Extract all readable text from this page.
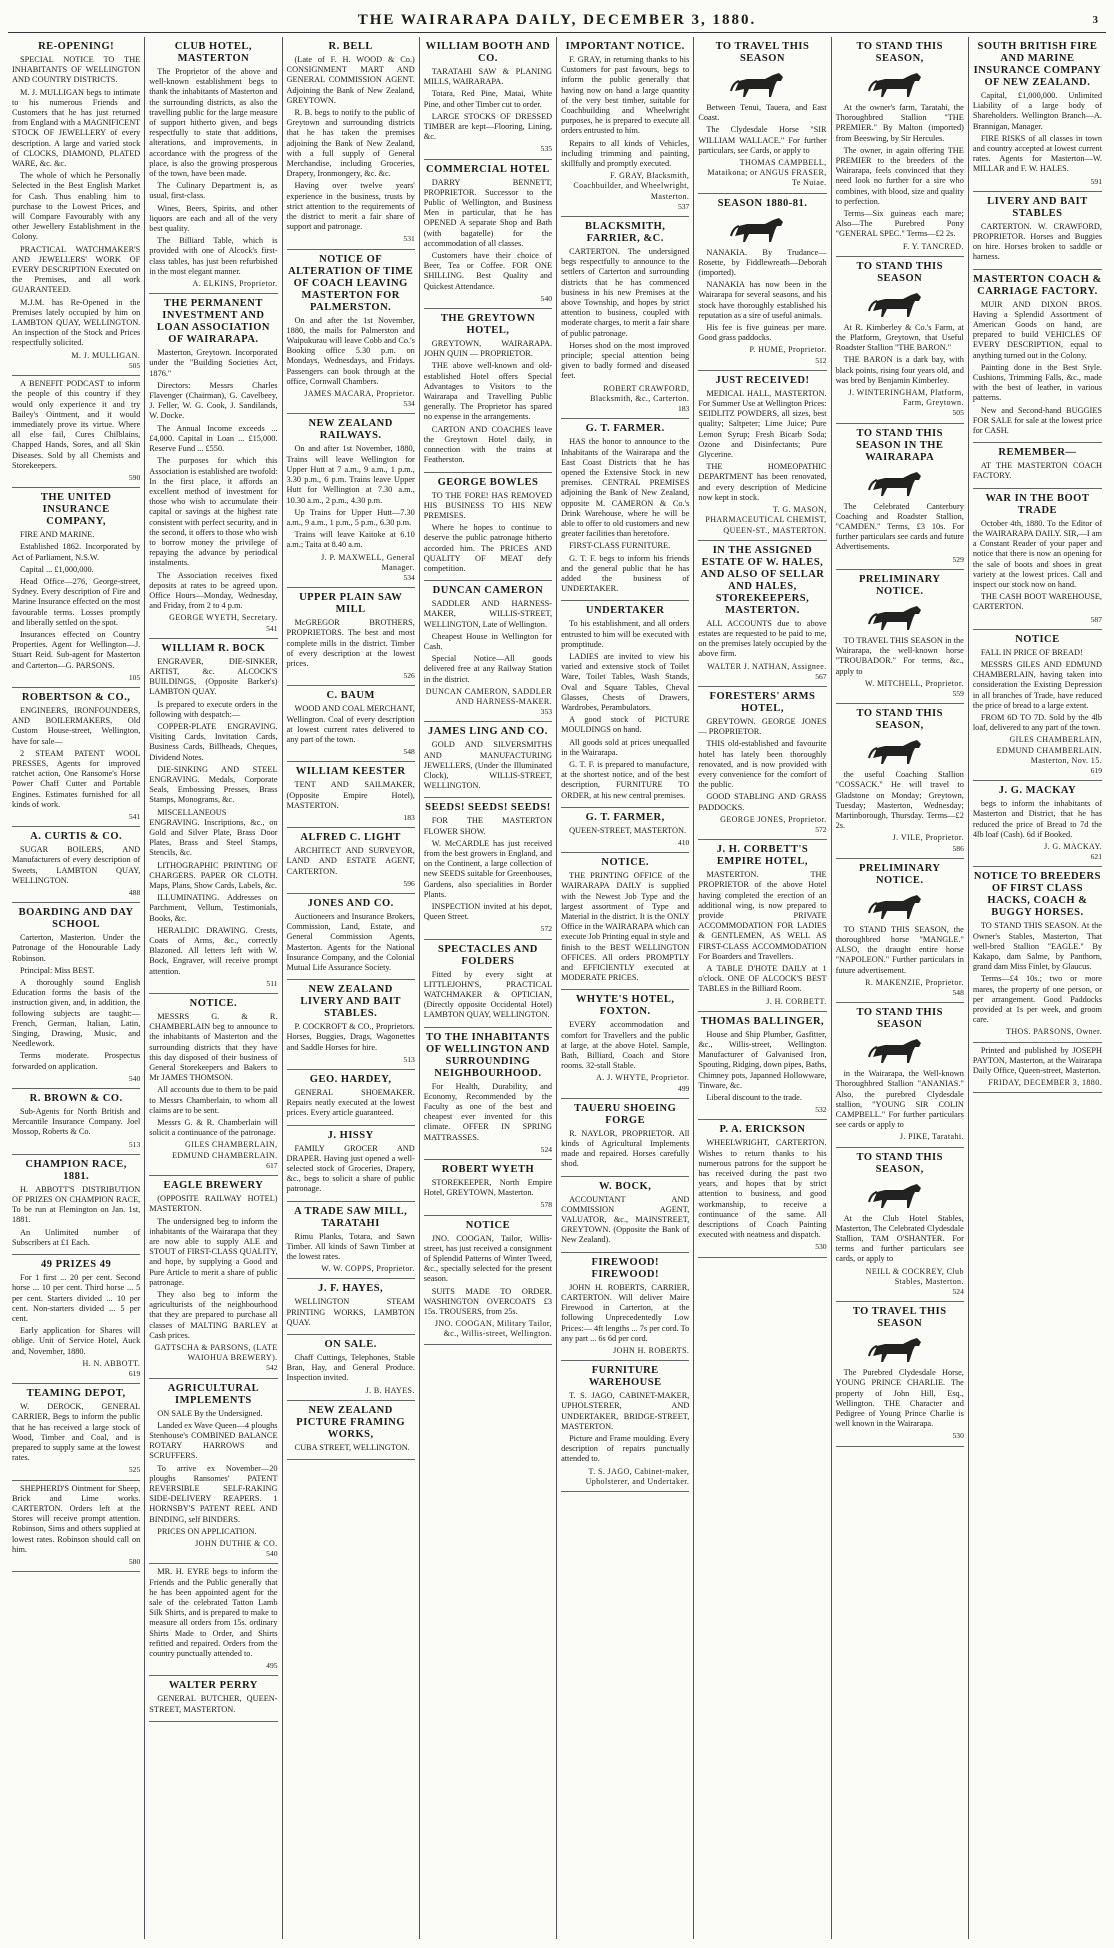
THE WAIRARAPA DAILY, DECEMBER 3, 1880.	3
RE-OPENING!

SPECIAL NOTICE TO THE INHABITANTS OF WELLINGTON AND COUNTRY DISTRICTS.

M. J. MULLIGAN begs to intimate to his numerous Friends and Customers that he has just returned from England with a MAGNIFICENT STOCK OF JEWELLERY of every description. A large and varied stock of CLOCKS, DIAMOND, PLATED WARE, &c. &c.

The whole of which he Personally Selected in the Best English Market for Cash. Thus enabling him to purchase to the Lowest Prices, and will Compare Favourably with any other Jewellery Establishment in the Colony.

PRACTICAL WATCHMAKER'S AND JEWELLERS' WORK OF EVERY DESCRIPTION Executed on the Premises, and all work GUARANTEED.

M.J.M. has Re-Opened in the Premises lately occupied by him on LAMBTON QUAY, WELLINGTON. An inspection of the Stock and Prices respectfully solicited.

M. J. MULLIGAN.
505

A BENEFIT PODCAST to inform the people of this country if they would only experience it and try Bailey's Ointment, and it would immediately prove its virtue. Where all else fail, Cures Chilblains, Chapped Hands, Sores, and all Skin Diseases. Sold by all Chemists and Storekeepers.

590
THE UNITED INSURANCE COMPANY,

FIRE AND MARINE.

Established 1862. Incorporated by Act of Parliament, N.S.W.

Capital ... £1,000,000.

Head Office—276, George-street, Sydney. Every description of Fire and Marine Insurance effected on the most favourable terms. Losses promptly and liberally settled on the spot.

Insurances effected on Country Properties. Agent for Wellington—J. Stuart Reid. Sub-agent for Masterton and Carterton—G. PARSONS.

105
ROBERTSON & CO.,

ENGINEERS, IRONFOUNDERS, AND BOILERMAKERS, Old Custom House-street, Wellington, have for sale—

2 STEAM PATENT WOOL PRESSES, Agents for improved ratchet action, One Ransome's Horse Power Chaff Cutter and Portable Engines. Estimates furnished for all kinds of work.

541
A. CURTIS & CO.

SUGAR BOILERS, AND Manufacturers of every description of Sweets, LAMBTON QUAY, WELLINGTON.

488
BOARDING AND DAY SCHOOL

Carterton, Masterton. Under the Patronage of the Honourable Lady Robinson.

Principal: Miss BEST.

A thoroughly sound English Education forms the basis of the instruction given, and, in addition, the following subjects are taught:—French, German, Italian, Latin, Singing, Drawing, Music, and Needlework.

Terms moderate. Prospectus forwarded on application.

540
R. BROWN & CO.

Sub-Agents for North British and Mercantile Insurance Company. Joel Mossop, Roberts & Co.

513
CHAMPION RACE, 1881.

H. ABBOTT'S DISTRIBUTION OF PRIZES ON CHAMPION RACE, To be run at Flemington on Jan. 1st, 1881.

An Unlimited number of Subscribers at £1 Each.

49 PRIZES 49

For 1 first ... 20 per cent. Second horse ... 10 per cent. Third horse ... 5 per cent. Starters divided ... 10 per cent. Non-starters divided ... 5 per cent.

Early application for Shares will oblige. Unit of Service Hotel, Auck and, November, 1880.

H. N. ABBOTT.
619
TEAMING DEPOT,

W. DEROCK, GENERAL CARRIER, Begs to inform the public that he has received a large stock of Wood, Timber and Coal, and is prepared to supply same at the lowest rates.

525

SHEPHERD'S Ointment for Sheep, Brick and Lime works. CARTERTON. Orders left at the Stores will receive prompt attention. Robinson, Sims and others supplied at lowest rates. Robinson should call on him.

580
CLUB HOTEL, MASTERTON

The Proprietor of the above and well-known establishment begs to thank the inhabitants of Masterton and the surrounding districts, as also the travelling public for the large measure of support hitherto given, and begs respectfully to state that additions, alterations, and improvements, in accordance with the progress of the place, is also the growing prosperous of the town, have been made.

The Culinary Department is, as usual, first-class.

Wines, Beers, Spirits, and other liquors are each and all of the very best quality.

The Billiard Table, which is provided with one of Alcock's first-class tables, has just been refurbished in the most elegant manner.

A. ELKINS, Proprietor.
THE PERMANENT INVESTMENT AND LOAN ASSOCIATION OF WAIRARAPA.

Masterton, Greytown. Incorporated under the "Building Societies Act, 1876."

Directors: Messrs Charles Flavenger (Chairman), G. Cavelbeey, J. Feller, W. G. Cook, J. Sandilands, W. Docke.

The Annual Income exceeds ... £4,000. Capital in Loan ... £15,000. Reserve Fund ... £550.

The purposes for which this Association is established are twofold: In the first place, it affords an excellent method of investment for those who wish to accumulate their capital or savings at the highest rate consistent with perfect security, and in the second, it offers to those who wish to borrow money the privilege of repaying the advance by periodical instalments.

The Association receives fixed deposits at rates to be agreed upon. Office Hours—Monday, Wednesday, and Friday, from 2 to 4 p.m.

GEORGE WYETH, Secretary.
541
WILLIAM R. BOCK

ENGRAVER, DIE-SINKER, ARTIST, &c. ALCOCK'S BUILDINGS, (Opposite Barker's) LAMBTON QUAY.

Is prepared to execute orders in the following with despatch:—

COPPER-PLATE ENGRAVING. Visiting Cards, Invitation Cards, Business Cards, Billheads, Cheques, Dividend Notes.

DIE-SINKING AND STEEL ENGRAVING. Medals, Corporate Seals, Embossing Presses, Brass Stamps, Monograms, &c.

MISCELLANEOUS ENGRAVING. Inscriptions, &c., on Gold and Silver Plate, Brass Door Plates, Brass and Steel Stamps, Stencils, &c.

LITHOGRAPHIC PRINTING OF CHARGERS. PAPER OR CLOTH. Maps, Plans, Show Cards, Labels, &c.

ILLUMINATING. Addresses on Parchment, Vellum, Testimonials, Books, &c.

HERALDIC DRAWING. Crests, Coats of Arms, &c., correctly Blazoned. All letters left with W. Bock, Engraver, will receive prompt attention.

511
NOTICE.

MESSRS G. & R. CHAMBERLAIN beg to announce to the inhabitants of Masterton and the surrounding districts that they have this day disposed of their business of General Storekeepers and Bakers to Mr JAMES THOMSON.

All accounts due to them to be paid to Messrs Chamberlain, to whom all claims are to be sent.

Messrs G. & R. Chamberlain will solicit a continuance of the patronage.

GILES CHAMBERLAIN, EDMUND CHAMBERLAIN.
617
EAGLE BREWERY

(OPPOSITE RAILWAY HOTEL) MASTERTON.

The undersigned beg to inform the inhabitants of the Wairarapa that they are now able to supply ALE and STOUT of FIRST-CLASS QUALITY, and hope, by supplying a Good and Pure Article to merit a share of public patronage.

They also beg to inform the agriculturists of the neighbourhood that they are prepared to purchase all classes of MALTING BARLEY at Cash prices.

GATTSCHA & PARSONS, (LATE WAIOHUA BREWERY).
542
AGRICULTURAL IMPLEMENTS

ON SALE By the Undersigned.

Landed ex Wave Queen—4 ploughs Stenhouse's COMBINED BALANCE ROTARY HARROWS and SCRUFFERS.

To arrive ex November—20 ploughs Ransomes' PATENT REVERSIBLE SELF-RAKING SIDE-DELIVERY REAPERS. 1 HORNSBY'S PATENT REEL AND BINDING, self BINDERS.

PRICES ON APPLICATION.

JOHN DUTHIE & CO.
540

MR. H. EYRE begs to inform the Friends and the Public generally that he has been appointed agent for the sale of the celebrated Tatton Lamb Silk Shirts, and is prepared to make to measure all orders from 15s. ordinary Shirts Made to Order, and Shirts refitted and repaired. Orders from the country punctually attended to.

495
WALTER PERRY

GENERAL BUTCHER, QUEEN-STREET, MASTERTON.

R. BELL

(Late of F. H. WOOD & Co.) CONSIGNMENT MART AND GENERAL COMMISSION AGENT. Adjoining the Bank of New Zealand, GREYTOWN.

R. B. begs to notify to the public of Greytown and surrounding districts that he has taken the premises adjoining the Bank of New Zealand, with a full supply of General Merchandise, including Groceries, Drapery, Ironmongery, &c. &c.

Having over twelve years' experience in the business, trusts by strict attention to the requirements of the district to merit a fair share of support and patronage.

531
NOTICE OF ALTERATION OF TIME OF COACH LEAVING MASTERTON FOR PALMERSTON.

On and after the 1st November, 1880, the mails for Palmerston and Waipukurau will leave Cobb and Co.'s Booking office 5.30 p.m. on Mondays, Wednesdays, and Fridays. Passengers can book through at the office, Cornwall Chambers.

JAMES MACARA, Proprietor.
534
NEW ZEALAND RAILWAYS.

On and after 1st November, 1880, Trains will leave Wellington for Upper Hutt at 7 a.m., 9 a.m., 1 p.m., 3.30 p.m., 6 p.m. Trains leave Upper Hutt for Wellington at 7.30 a.m., 10.30 a.m., 2 p.m., 4.30 p.m.

Up Trains for Upper Hutt—7.30 a.m., 9 a.m., 1 p.m., 5 p.m., 6.30 p.m.

Trains will leave Kaitoke at 6.10 a.m.; Taita at 8.40 a.m.

J. P. MAXWELL, General Manager.
534
UPPER PLAIN SAW MILL

McGREGOR BROTHERS, PROPRIETORS. The best and most complete mills in the district. Timber of every description at the lowest prices.

526
C. BAUM

WOOD AND COAL MERCHANT, Wellington. Coal of every description at lowest current rates delivered to any part of the town.

548
WILLIAM KEESTER

TENT AND SAILMAKER, (Opposite Empire Hotel), MASTERTON.

183
ALFRED C. LIGHT

ARCHITECT AND SURVEYOR, LAND AND ESTATE AGENT, CARTERTON.

596
JONES AND CO.

Auctioneers and Insurance Brokers, Commission, Land, Estate, and General Commission Agents, Masterton. Agents for the National Insurance Company, and the Colonial Mutual Life Assurance Society.

NEW ZEALAND LIVERY AND BAIT STABLES.

P. COCKROFT & CO., Proprietors. Horses, Buggies, Drags, Wagonettes and Saddle Horses for hire.

513
GEO. HARDEY,

GENERAL SHOEMAKER. Repairs neatly executed at the lowest prices. Every article guaranteed.

J. HISSY

FAMILY GROCER AND DRAPER. Having just opened a well-selected stock of Groceries, Drapery, &c., begs to solicit a share of public patronage.

A TRADE SAW MILL, TARATAHI

Rimu Planks, Totara, and Sawn Timber. All kinds of Sawn Timber at the lowest rates.

W. W. COPPS, Proprietor.
J. F. HAYES,

WELLINGTON STEAM PRINTING WORKS, LAMBTON QUAY.

ON SALE.

Chaff Cuttings, Telephones, Stable Bran, Hay, and General Produce. Inspection invited.

J. B. HAYES.
NEW ZEALAND PICTURE FRAMING WORKS,

CUBA STREET, WELLINGTON.

WILLIAM BOOTH AND CO.

TARATAHI SAW & PLANING MILLS, WAIRARAPA.

Totara, Red Pine, Matai, White Pine, and other Timber cut to order.

LARGE STOCKS OF DRESSED TIMBER are kept—Flooring, Lining, &c.

535
COMMERCIAL HOTEL

DARRY BENNETT, PROPRIETOR. Successor to the Public of Wellington, and Business Men in particular, that he has OPENED A separate Shop and Bath (with bagatelle) for the accommodation of all classes.

Customers have their choice of Beer, Tea or Coffee. FOR ONE SHILLING. Best Quality and Quickest Attendance.

540
THE GREYTOWN HOTEL,

GREYTOWN, WAIRARAPA. JOHN QUIN — PROPRIETOR.

THE above well-known and old-established Hotel offers Special Advantages to Visitors to the Wairarapa and Travelling Public generally. The Proprietor has spared no expense in the arrangements.

CARTON AND COACHES leave the Greytown Hotel daily, in connection with the trains at Featherston.

GEORGE BOWLES

TO THE FORE! HAS REMOVED HIS BUSINESS TO HIS NEW PREMISES.

Where he hopes to continue to deserve the public patronage hitherto accorded him. The PRICES AND QUALITY OF MEAT defy competition.

DUNCAN CAMERON

SADDLER AND HARNESS-MAKER, WILLIS-STREET, WELLINGTON, Late of Wellington.

Cheapest House in Wellington for Cash.

Special Notice—All goods delivered free at any Railway Station in the district.

DUNCAN CAMERON, SADDLER AND HARNESS-MAKER.
353
JAMES LING AND CO.

GOLD AND SILVERSMITHS AND MANUFACTURING JEWELLERS, (Under the Illuminated Clock), WILLIS-STREET, WELLINGTON.

SEEDS! SEEDS! SEEDS!

FOR THE MASTERTON FLOWER SHOW.

W. McCARDLE has just received from the best growers in England, and on the Continent, a large collection of new SEEDS suitable for Greenhouses, Gardens, also specialities in Border Plants.

INSPECTION invited at his depot, Queen Street.

572
SPECTACLES AND FOLDERS

Fitted by every sight at LITTLEJOHN'S, PRACTICAL WATCHMAKER & OPTICIAN, (Directly opposite Occidental Hotel) LAMBTON QUAY, WELLINGTON.

TO THE INHABITANTS OF WELLINGTON AND SURROUNDING NEIGHBOURHOOD.

For Health, Durability, and Economy, Recommended by the Faculty as one of the best and cheapest ever invented for this climate. OFFER IN SPRING MATTRASSES.

524
ROBERT WYETH

STOREKEEPER, North Empire Hotel, GREYTOWN, Masterton.

578
NOTICE

JNO. COOGAN, Tailor, Willis-street, has just received a consignment of Splendid Patterns of Winter Tweed, &c., specially selected for the present season.

SUITS MADE TO ORDER. WASHINGTON OVERCOATS £3 15s. TROUSERS, from 25s.

JNO. COOGAN, Military Tailor, &c., Willis-street, Wellington.
IMPORTANT NOTICE.

F. GRAY, in returning thanks to his Customers for past favours, begs to inform the public generally that having now on hand a large quantity of the very best timber, suitable for Coachbuilding and Wheelwright purposes, he is prepared to execute all orders entrusted to him.

Repairs to all kinds of Vehicles, including trimming and painting, skillfully and promptly executed.

F. GRAY, Blacksmith, Coachbuilder, and Wheelwright, Masterton.
537
BLACKSMITH, FARRIER, &C.

CARTERTON. The undersigned begs respectfully to announce to the settlers of Carterton and surrounding districts that he has commenced business in his new Premises at the above Township, and hopes by strict attention to business, coupled with moderate charges, to merit a fair share of public patronage.

Horses shod on the most improved principle; special attention being given to badly formed and diseased feet.

ROBERT CRAWFORD, Blacksmith, &c., Carterton.
183
G. T. FARMER.

HAS the honor to announce to the Inhabitants of the Wairarapa and the East Coast Districts that he has opened the Extensive Stock in new premises. CENTRAL PREMISES adjoining the Bank of New Zealand, opposite M. CAMERON & Co.'s Drink Warehouse, where he will be able to offer to old customers and new greater facilities than heretofore.

FIRST-CLASS FURNITURE.

G. T. F. begs to inform his friends and the general public that he has added the business of UNDERTAKER.

UNDERTAKER

To his establishment, and all orders entrusted to him will be executed with promptitude.

LADIES are invited to view his varied and extensive stock of Toilet Ware, Toilet Tables, Wash Stands, Oval and Square Tables, Cheval Glasses, Chests of Drawers, Wardrobes, Perambulators.

A good stock of PICTURE MOULDINGS on hand.

All goods sold at prices unequalled in the Wairarapa.

G. T. F. is prepared to manufacture, at the shortest notice, and of the best description, FURNITURE TO ORDER, at his new central premises.

G. T. FARMER,

QUEEN-STREET, MASTERTON.

410
NOTICE.

THE PRINTING OFFICE of the WAIRARAPA DAILY is supplied with the Newest Job Type and the largest assortment of Type and Material in the district. It is the ONLY Office in the WAIRARAPA which can execute Job Printing equal in style and finish to the BEST WELLINGTON OFFICES. All orders PROMPTLY and EFFICIENTLY executed at MODERATE PRICES.

WHYTE'S HOTEL, FOXTON.

EVERY accommodation and comfort for Travellers and the public at large, at the above Hotel. Sample, Bath, Billiard, Coach and Store rooms. 32-stall Stable.

A. J. WHYTE, Proprietor.
499
TAUERU SHOEING FORGE

R. NAYLOR, PROPRIETOR. All kinds of Agricultural Implements made and repaired. Horses carefully shod.

W. BOCK,

ACCOUNTANT AND COMMISSION AGENT, VALUATOR, &c., MAINSTREET, GREYTOWN. (Opposite the Bank of New Zealand).

FIREWOOD! FIREWOOD!

JOHN H. ROBERTS, CARRIER, CARTERTON. Will deliver Maire Firewood in Carterton, at the following Unprecedentedly Low Prices:— 4ft lengths ... 7s per cord. To any part ... 6s 6d per cord.

JOHN H. ROBERTS.
FURNITURE WAREHOUSE

T. S. JAGO, CABINET-MAKER, UPHOLSTERER, AND UNDERTAKER, BRIDGE-STREET, MASTERTON.

Picture and Frame moulding. Every description of repairs punctually attended to.

T. S. JAGO, Cabinet-maker, Upholsterer, and Undertaker.
TO TRAVEL THIS SEASON

Between Tenui, Tauera, and East Coast.

The Clydesdale Horse "SIR WILLIAM WALLACE." For further particulars, see Cards, or apply to

THOMAS CAMPBELL, Mataikona; or ANGUS FRASER, Te Nuiae.
SEASON 1880-81.

NANAKIA. By Trudance—Rosette, by Fiddlewreath—Deborah (imported).

NANAKIA has now been in the Wairarapa for several seasons, and his stock have thoroughly established his reputation as a sire of useful animals.

His fee is five guineas per mare. Good grass paddocks.

P. HUME, Proprietor.
512
JUST RECEIVED!

MEDICAL HALL, MASTERTON. For Summer Use at Wellington Prices: SEIDLITZ POWDERS, all sizes, best quality; Saltpeter; Lime Juice; Pure Lemon Syrup; Fresh Bicarb Soda; Ozone and Disinfectants; Pure Glycerine.

THE HOMEOPATHIC DEPARTMENT has been renovated, and every description of Medicine now kept in stock.

T. G. MASON, PHARMACEUTICAL CHEMIST, QUEEN-ST., MASTERTON.
IN THE ASSIGNED ESTATE OF W. HALES, AND ALSO OF SELLAR AND HALES, STOREKEEPERS, MASTERTON.

ALL ACCOUNTS due to above estates are requested to be paid to me, on the premises lately occupied by the above firm.

WALTER J. NATHAN, Assignee.
567
FORESTERS' ARMS HOTEL,

GREYTOWN. GEORGE JONES — PROPRIETOR.

THIS old-established and favourite hotel has lately been thoroughly renovated, and is now provided with every convenience for the comfort of the public.

GOOD STABLING AND GRASS PADDOCKS.

GEORGE JONES, Proprietor.
572
J. H. CORBETT'S EMPIRE HOTEL,

MASTERTON. THE PROPRIETOR of the above Hotel having completed the erection of an additional wing, is now prepared to provide PRIVATE ACCOMMODATION FOR LADIES & GENTLEMEN, AS WELL AS FIRST-CLASS ACCOMMODATION For Boarders and Travellers.

A TABLE D'HOTE DAILY at 1 o'clock. ONE OF ALCOCK'S BEST TABLES in the Billiard Room.

J. H. CORBETT.
THOMAS BALLINGER,

House and Ship Plumber, Gasfitter, &c., Willis-street, Wellington. Manufacturer of Galvanised Iron, Spouting, Ridging, down pipes, Baths, Chimney pots, Japanned Hollowware, Tinware, &c.

Liberal discount to the trade.

532
P. A. ERICKSON

WHEELWRIGHT, CARTERTON. Wishes to return thanks to his numerous patrons for the support he has received during the past two years, and hopes that by strict attention to business, and good workmanship, to receive a continuance of the same. All descriptions of Coach Painting executed with neatness and dispatch.

530
TO STAND THIS SEASON,

At the owner's farm, Taratahi, the Thoroughbred Stallion "THE PREMIER." By Malton (imported) from Beeswing, by Sir Hercules.

The owner, in again offering THE PREMIER to the breeders of the Wairarapa, feels convinced that they need look no further for a sire who combines, with blood, size and quality to perfection.

Terms—Six guineas each mare; Also—The Purebred Pony "GENERAL SPEC." Terms—£2 2s.

F. Y. TANCRED.
TO STAND THIS SEASON

At R. Kimberley & Co.'s Farm, at the Platform, Greytown, that Useful Roadster Stallion "THE BARON."

THE BARON is a dark bay, with black points, rising four years old, and was bred by Benjamin Kimberley.

J. WINTERINGHAM, Platform, Farm, Greytown.
505
TO STAND THIS SEASON IN THE WAIRARAPA

The Celebrated Canterbury Coaching and Roadster Stallion, "CAMDEN." Terms, £3 10s. For further particulars see cards and future Advertisements.

529
PRELIMINARY NOTICE.

TO TRAVEL THIS SEASON in the Wairarapa, the well-known horse "TROUBADOR." For terms, &c., apply to

W. MITCHELL, Proprietor.
559
TO STAND THIS SEASON,

the useful Coaching Stallion "COSSACK." He will travel to Gladstone on Monday; Greytown, Tuesday; Masterton, Wednesday; Martinborough, Thursday. Terms—£2 2s.

J. VILE, Proprietor.
586
PRELIMINARY NOTICE.

TO STAND THIS SEASON, the thoroughbred horse "MANGLE." ALSO, the draught entire horse "NAPOLEON." Further particulars in future advertisement.

R. MAKENZIE, Proprietor.
548
TO STAND THIS SEASON

in the Wairarapa, the Well-known Thoroughbred Stallion "ANANIAS." Also, the purebred Clydesdale stallion, "YOUNG SIR COLIN CAMPBELL." For further particulars see cards or apply to

J. PIKE, Taratahi.
TO STAND THIS SEASON,

At the Club Hotel Stables, Masterton, The Celebrated Clydesdale Stallion, TAM O'SHANTER. For terms and further particulars see cards, or apply to

NEILL & COCKREY, Club Stables, Masterton.
524
TO TRAVEL THIS SEASON

The Purebred Clydesdale Horse, YOUNG PRINCE CHARLIE. The property of John Hill, Esq., Wellington. THE Character and Pedigree of Young Prince Charlie is well known in the Wairarapa.

530
SOUTH BRITISH FIRE AND MARINE INSURANCE COMPANY OF NEW ZEALAND.

Capital, £1,000,000. Unlimited Liability of a large body of Shareholders. Wellington Branch—A. Brannigan, Manager.

FIRE RISKS of all classes in town and country accepted at lowest current rates. Agents for Masterton—W. MILLAR and F. W. HALES.

591
LIVERY AND BAIT STABLES

CARTERTON. W. CRAWFORD, PROPRIETOR. Horses and Buggies on hire. Horses broken to saddle or harness.

MASTERTON COACH & CARRIAGE FACTORY.

MUIR AND DIXON BROS. Having a Splendid Assortment of American Goods on hand, are prepared to build VEHICLES OF EVERY DESCRIPTION, equal to anything turned out in the Colony.

Painting done in the Best Style. Cushions, Trimming Falls, &c., made with the best of leather, in various patterns.

New and Second-hand BUGGIES FOR SALE for sale at the lowest price for CASH.

REMEMBER—

AT THE MASTERTON COACH FACTORY.

WAR IN THE BOOT TRADE

October 4th, 1880. To the Editor of the WAIRARAPA DAILY. SIR,—I am a Constant Reader of your paper and notice that there is now an opening for the sale of boots and shoes in great variety at the lowest prices. Call and inspect our stock now on hand.

THE CASH BOOT WAREHOUSE, CARTERTON.

587
NOTICE

FALL IN PRICE OF BREAD!

MESSRS GILES AND EDMUND CHAMBERLAIN, having taken into consideration the Existing Depression in all branches of Trade, have reduced the price of bread to a large extent.

FROM 6D TO 7D. Sold by the 4lb loaf, delivered to any part of the town.

GILES CHAMBERLAIN, EDMUND CHAMBERLAIN. Masterton, Nov. 15.
619
J. G. MACKAY

begs to inform the inhabitants of Masterton and District, that he has reduced the price of Bread to 7d the 4lb loaf (Cash). 6d if Booked.

J. G. MACKAY.
621
NOTICE TO BREEDERS OF FIRST CLASS HACKS, COACH & BUGGY HORSES.

TO STAND THIS SEASON. At the Owner's Stables, Masterton, That well-bred Stallion "EAGLE." By Kakapo, dam Salme, by Panthorn, grand dam Miss Finlet, by Glaucus.

Terms—£4 10s.; two or more mares, the property of one person, or per arrangement. Good Paddocks provided at 1s per week, and groom care.

THOS. PARSONS, Owner.

Printed and published by JOSEPH PAYTON, Masterton, at the Wairarapa Daily Office, Queen-street, Masterton.

FRIDAY, DECEMBER 3, 1880.
